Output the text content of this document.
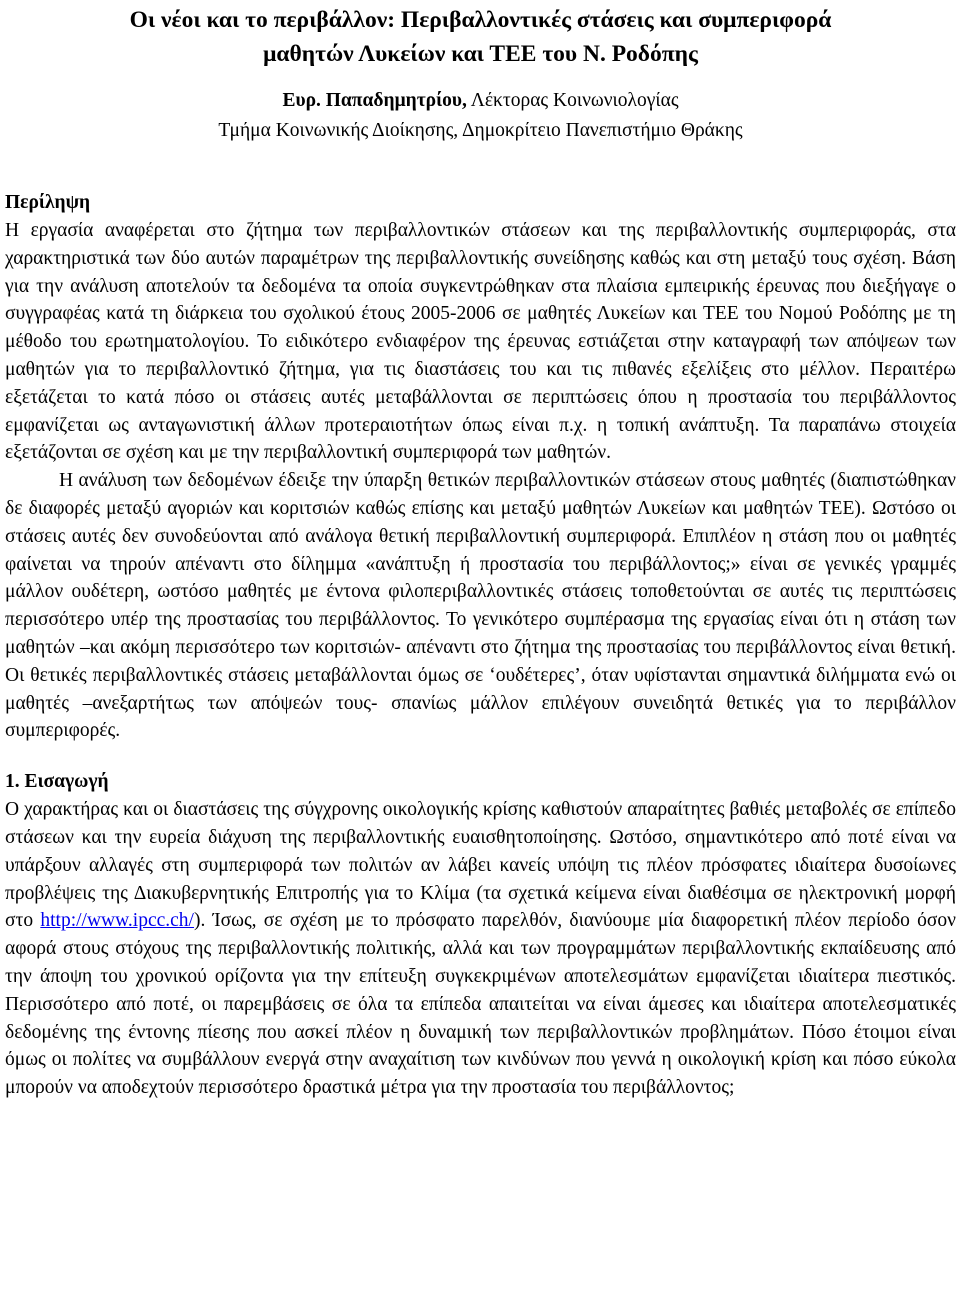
Οι νέοι και το περιβάλλον: Περιβαλλοντικές στάσεις και συμπεριφορά
μαθητών Λυκείων και ΤΕΕ του Ν. Ροδόπης
Ευρ. Παπαδημητρίου, Λέκτορας Κοινωνιολογίας
Τμήμα Κοινωνικής Διοίκησης, Δημοκρίτειο Πανεπιστήμιο Θράκης
Περίληψη

Η εργασία αναφέρεται στο ζήτημα των περιβαλλοντικών στάσεων και της περιβαλλοντικής συμπεριφοράς, στα χαρακτηριστικά των δύο αυτών παραμέτρων της περιβαλλοντικής συνείδησης καθώς και στη μεταξύ τους σχέση. Βάση για την ανάλυση αποτελούν τα δεδομένα τα οποία συγκεντρώθηκαν στα πλαίσια εμπειρικής έρευνας που διεξήγαγε ο συγγραφέας κατά τη διάρκεια του σχολικού έτους 2005-2006 σε μαθητές Λυκείων και ΤΕΕ του Νομού Ροδόπης με τη μέθοδο του ερωτηματολογίου. Το ειδικότερο ενδιαφέρον της έρευνας εστιάζεται στην καταγραφή των απόψεων των μαθητών για το περιβαλλοντικό ζήτημα, για τις διαστάσεις του και τις πιθανές εξελίξεις στο μέλλον. Περαιτέρω εξετάζεται το κατά πόσο οι στάσεις αυτές μεταβάλλονται σε περιπτώσεις όπου η προστασία του περιβάλλοντος εμφανίζεται ως ανταγωνιστική άλλων προτεραιοτήτων όπως είναι π.χ. η τοπική ανάπτυξη. Τα παραπάνω στοιχεία εξετάζονται σε σχέση και με την περιβαλλοντική συμπεριφορά των μαθητών.

Η ανάλυση των δεδομένων έδειξε την ύπαρξη θετικών περιβαλλοντικών στάσεων στους μαθητές (διαπιστώθηκαν δε διαφορές μεταξύ αγοριών και κοριτσιών καθώς επίσης και μεταξύ μαθητών Λυκείων και μαθητών ΤΕΕ). Ωστόσο οι στάσεις αυτές δεν συνοδεύονται από ανάλογα θετική περιβαλλοντική συμπεριφορά. Επιπλέον η στάση που οι μαθητές φαίνεται να τηρούν απέναντι στο δίλημμα «ανάπτυξη ή προστασία του περιβάλλοντος;» είναι σε γενικές γραμμές μάλλον ουδέτερη, ωστόσο μαθητές με έντονα φιλοπεριβαλλοντικές στάσεις τοποθετούνται σε αυτές τις περιπτώσεις περισσότερο υπέρ της προστασίας του περιβάλλοντος. Το γενικότερο συμπέρασμα της εργασίας είναι ότι η στάση των μαθητών –και ακόμη περισσότερο των κοριτσιών- απέναντι στο ζήτημα της προστασίας του περιβάλλοντος είναι θετική. Οι θετικές περιβαλλοντικές στάσεις μεταβάλλονται όμως σε ‘ουδέτερες’, όταν υφίστανται σημαντικά διλήμματα ενώ οι μαθητές –ανεξαρτήτως των απόψεών τους- σπανίως μάλλον επιλέγουν συνειδητά θετικές για το περιβάλλον συμπεριφορές.

1. Εισαγωγή

Ο χαρακτήρας και οι διαστάσεις της σύγχρονης οικολογικής κρίσης καθιστούν απαραίτητες βαθιές μεταβολές σε επίπεδο στάσεων και την ευρεία διάχυση της περιβαλλοντικής ευαισθητοποίησης. Ωστόσο, σημαντικότερο από ποτέ είναι να υπάρξουν αλλαγές στη συμπεριφορά των πολιτών αν λάβει κανείς υπόψη τις πλέον πρόσφατες ιδιαίτερα δυσοίωνες προβλέψεις της Διακυβερνητικής Επιτροπής για το Κλίμα (τα σχετικά κείμενα είναι διαθέσιμα σε ηλεκτρονική μορφή στο http://www.ipcc.ch/). Ίσως, σε σχέση με το πρόσφατο παρελθόν, διανύουμε μία διαφορετική πλέον περίοδο όσον αφορά στους στόχους της περιβαλλοντικής πολιτικής, αλλά και των προγραμμάτων περιβαλλοντικής εκπαίδευσης από την άποψη του χρονικού ορίζοντα για την επίτευξη συγκεκριμένων αποτελεσμάτων εμφανίζεται ιδιαίτερα πιεστικός. Περισσότερο από ποτέ, οι παρεμβάσεις σε όλα τα επίπεδα απαιτείται να είναι άμεσες και ιδιαίτερα αποτελεσματικές δεδομένης της έντονης πίεσης που ασκεί πλέον η δυναμική των περιβαλλοντικών προβλημάτων. Πόσο έτοιμοι είναι όμως οι πολίτες να συμβάλλουν ενεργά στην αναχαίτιση των κινδύνων που γεννά η οικολογική κρίση και πόσο εύκολα μπορούν να αποδεχτούν περισσότερο δραστικά μέτρα για την προστασία του περιβάλλοντος;
